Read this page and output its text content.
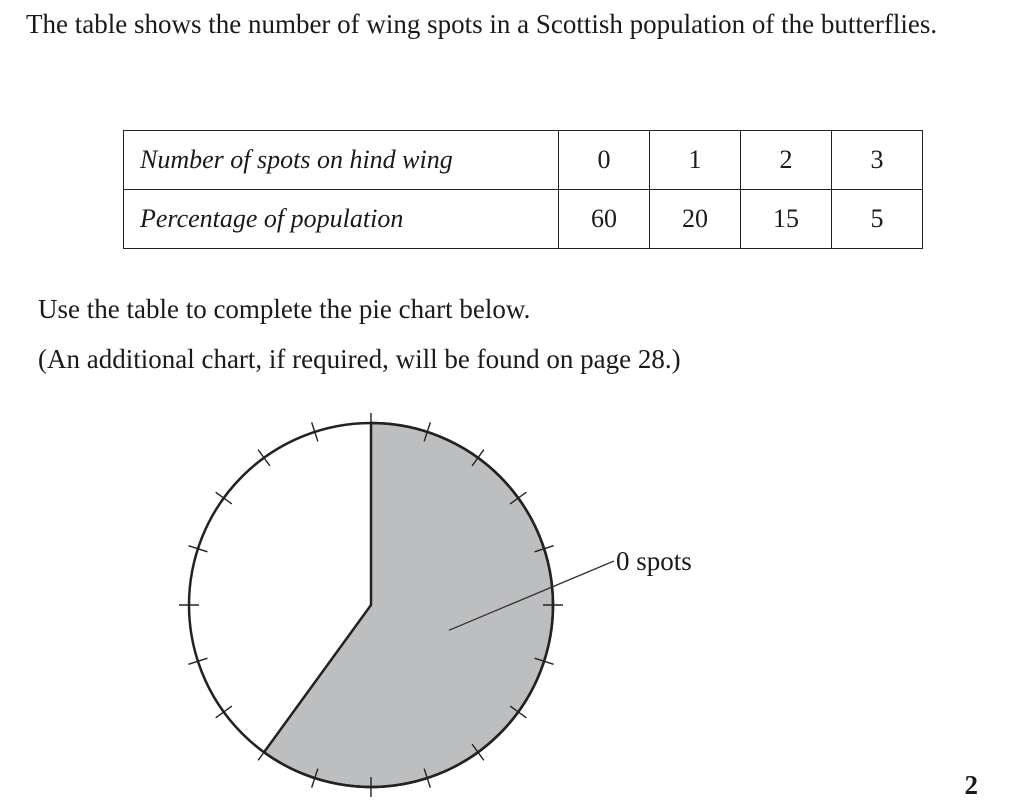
The table shows the number of wing spots in a Scottish population of the butterflies.

Number of spots on hind wing	0	1	2	3
Percentage of population	60	20	15	5

Use the table to complete the pie chart below.

(An additional chart, if required, will be found on page 28.)

0 spots
2
